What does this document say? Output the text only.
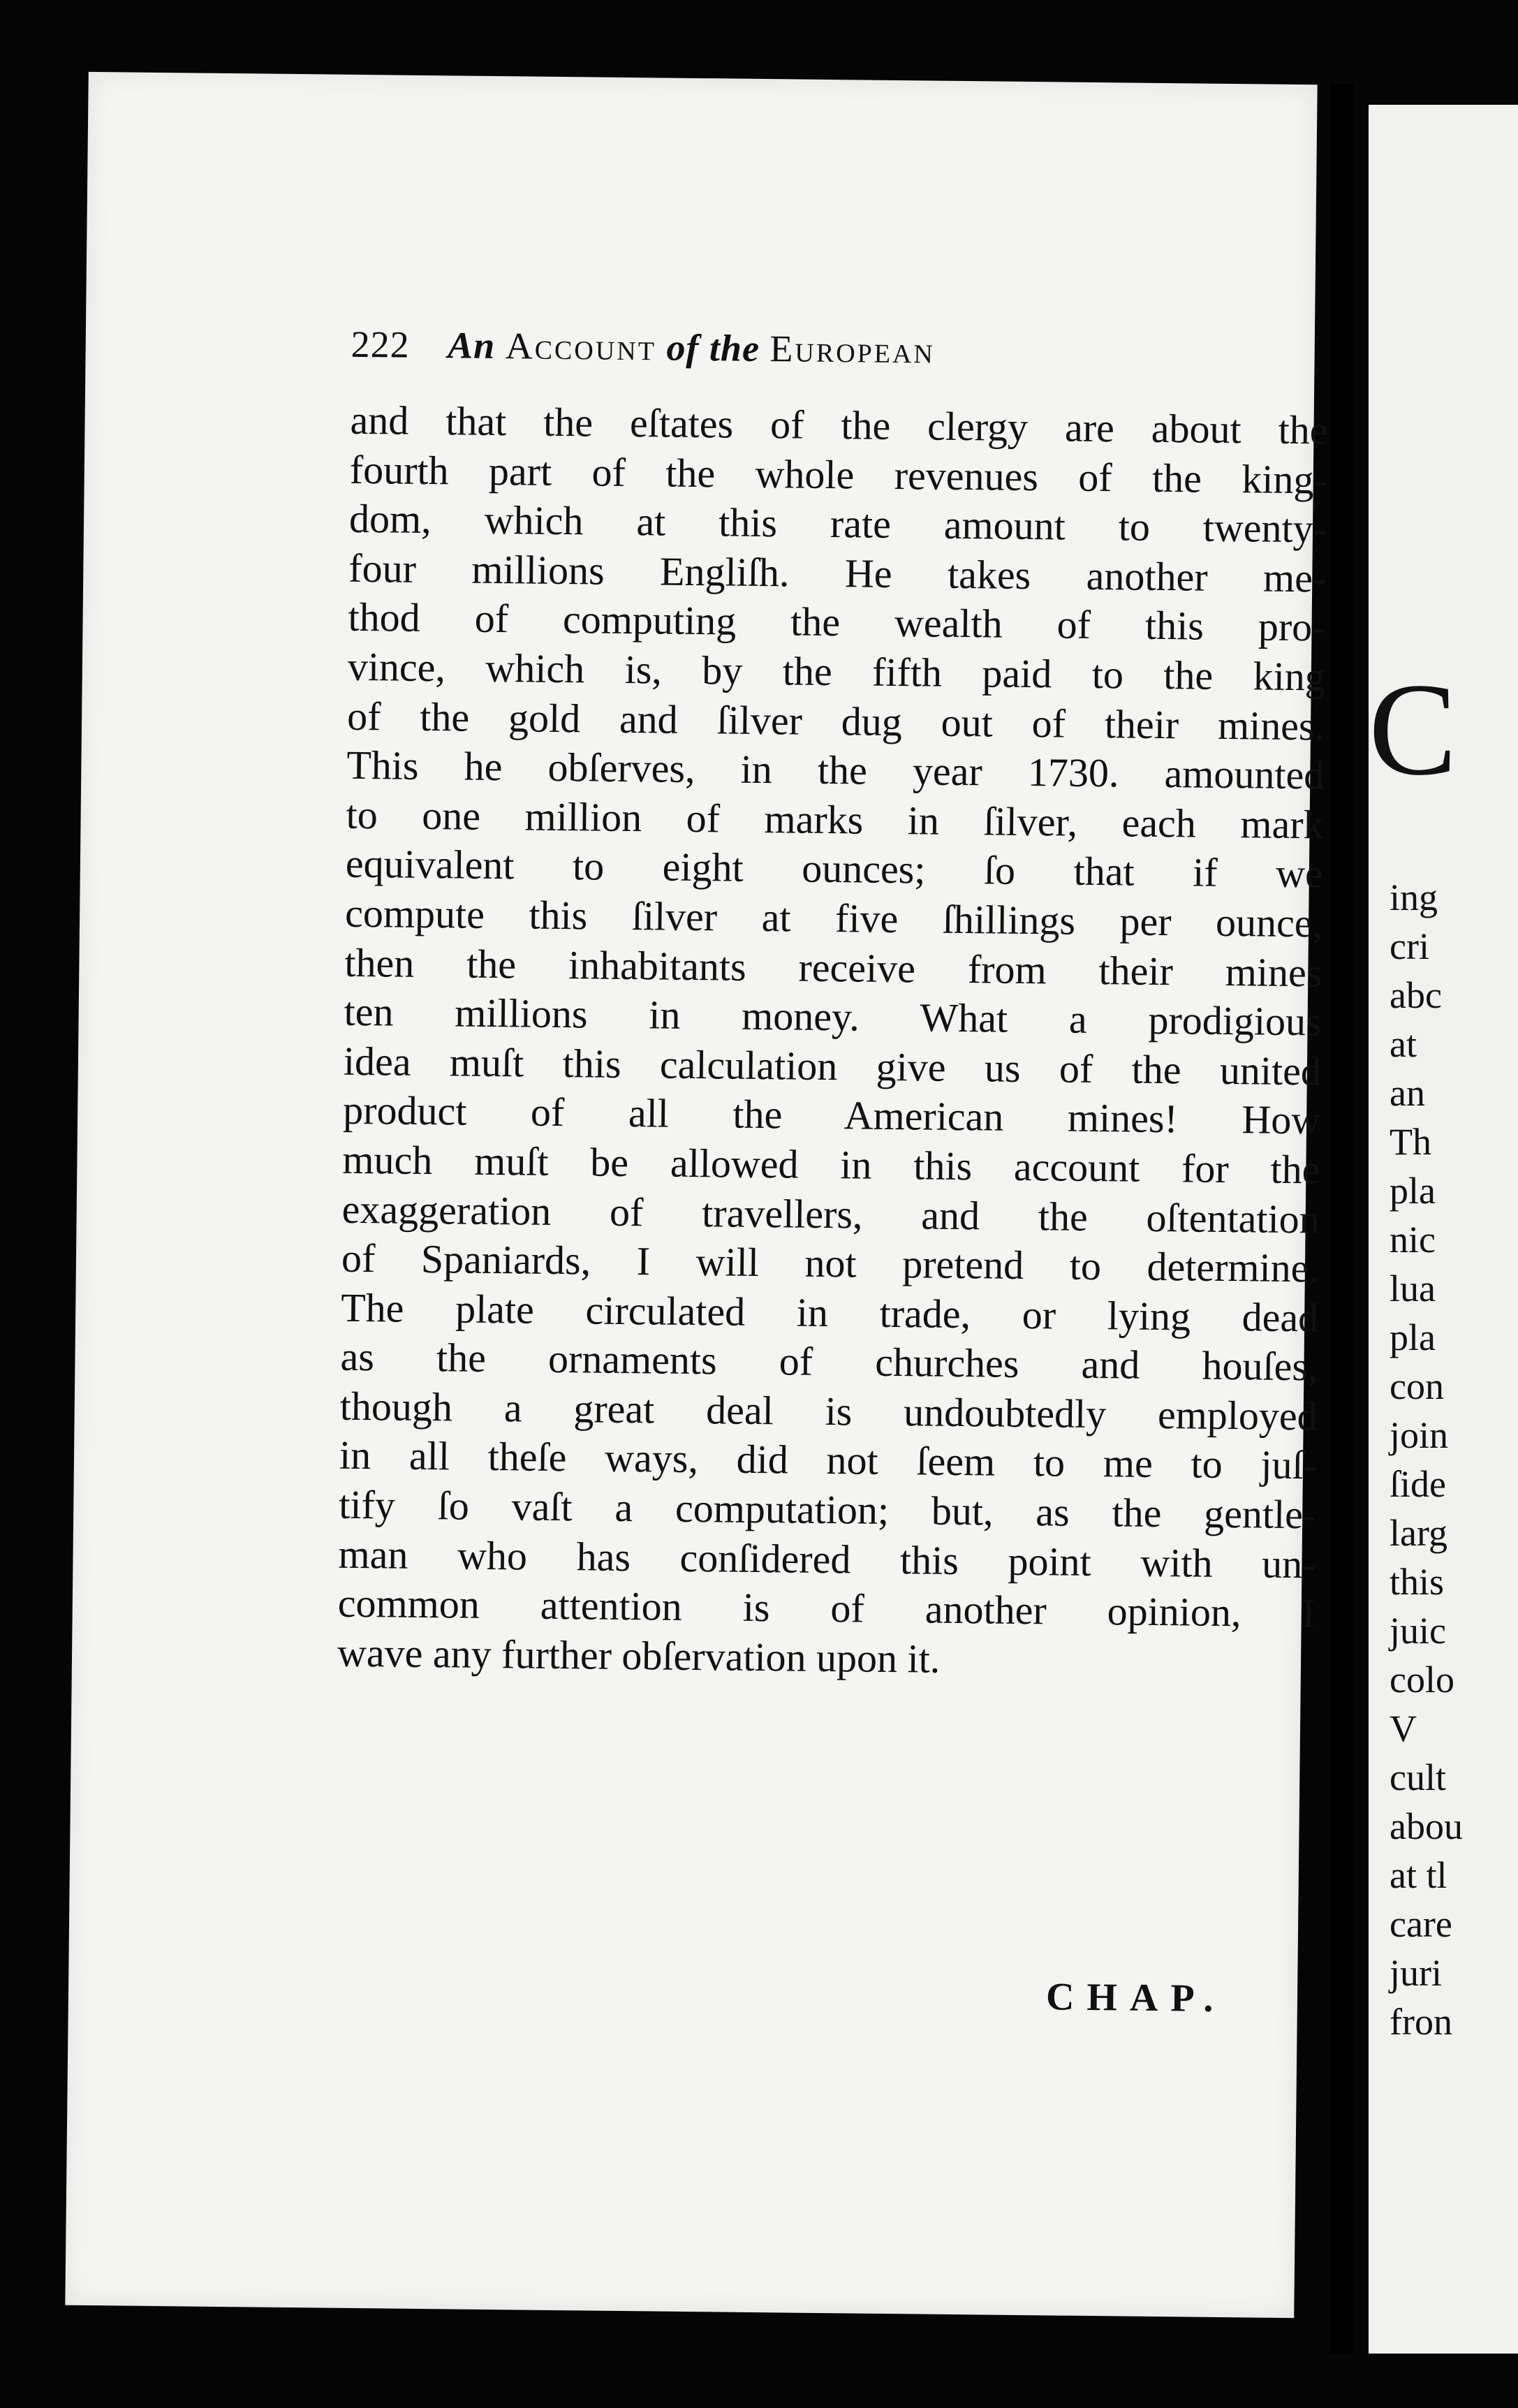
C
ing
cri
abc
at
an
Th
pla
nic
lua
pla
con
join
ſide
larg
this
juic
colo
V
cult
abou
at tl
care
juri
fron
222 An Account of the European
and that the eſtates of the clergy are about the
fourth part of the whole revenues of the king-
dom, which at this rate amount to twenty-
four millions Engliſh. He takes another me-
thod of computing the wealth of this pro-
vince, which is, by the fifth paid to the king
of the gold and ſilver dug out of their mines.
This he obſerves, in the year 1730. amounted
to one million of marks in ſilver, each mark
equivalent to eight ounces; ſo that if we
compute this ſilver at five ſhillings per ounce,
then the inhabitants receive from their mines
ten millions in money. What a prodigious
idea muſt this calculation give us of the united
product of all the American mines! How
much muſt be allowed in this account for the
exaggeration of travellers, and the oſtentation
of Spaniards, I will not pretend to determine.
The plate circulated in trade, or lying dead
as the ornaments of churches and houſes,
though a great deal is undoubtedly employed
in all theſe ways, did not ſeem to me to juſ-
tify ſo vaſt a computation; but, as the gentle-
man who has conſidered this point with un-
common attention is of another opinion, I
wave any further obſervation upon it.
CHAP.
